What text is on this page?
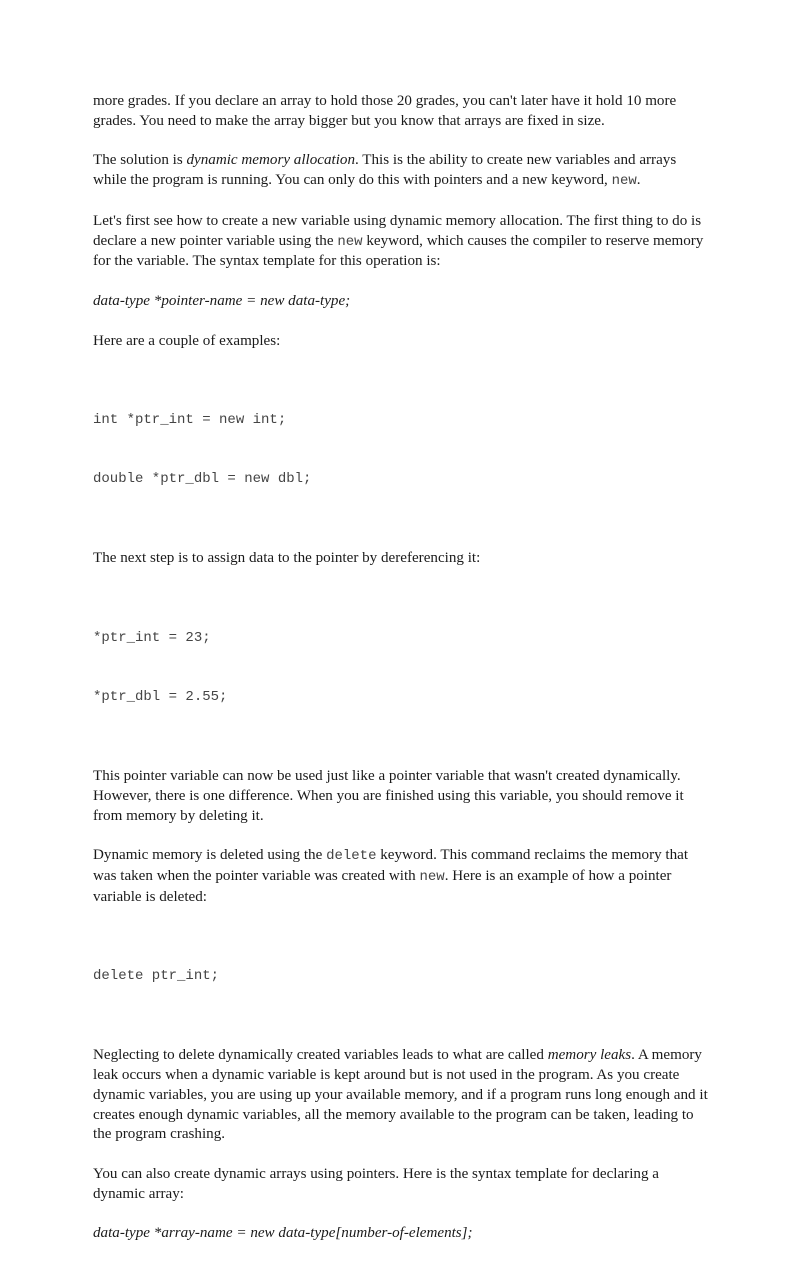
more grades. If you declare an array to hold those 20 grades, you can't later have it hold 10 more grades. You need to make the array bigger but you know that arrays are fixed in size.

The solution is dynamic memory allocation. This is the ability to create new variables and arrays while the program is running. You can only do this with pointers and a new keyword, new.

Let's first see how to create a new variable using dynamic memory allocation. The first thing to do is declare a new pointer variable using the new keyword, which causes the compiler to reserve memory for the variable. The syntax template for this operation is:

data-type *pointer-name = new data-type;

Here are a couple of examples:

int *ptr_int = new int;

double *ptr_dbl = new dbl;

The next step is to assign data to the pointer by dereferencing it:

*ptr_int = 23;

*ptr_dbl = 2.55;

This pointer variable can now be used just like a pointer variable that wasn't created dynamically. However, there is one difference. When you are finished using this variable, you should remove it from memory by deleting it.

Dynamic memory is deleted using the delete keyword. This command reclaims the memory that was taken when the pointer variable was created with new. Here is an example of how a pointer variable is deleted:

delete ptr_int;

Neglecting to delete dynamically created variables leads to what are called memory leaks. A memory leak occurs when a dynamic variable is kept around but is not used in the program. As you create dynamic variables, you are using up your available memory, and if a program runs long enough and it creates enough dynamic variables, all the memory available to the program can be taken, leading to the program crashing.

You can also create dynamic arrays using pointers. Here is the syntax template for declaring a dynamic array:

data-type *array-name = new data-type[number-of-elements];
